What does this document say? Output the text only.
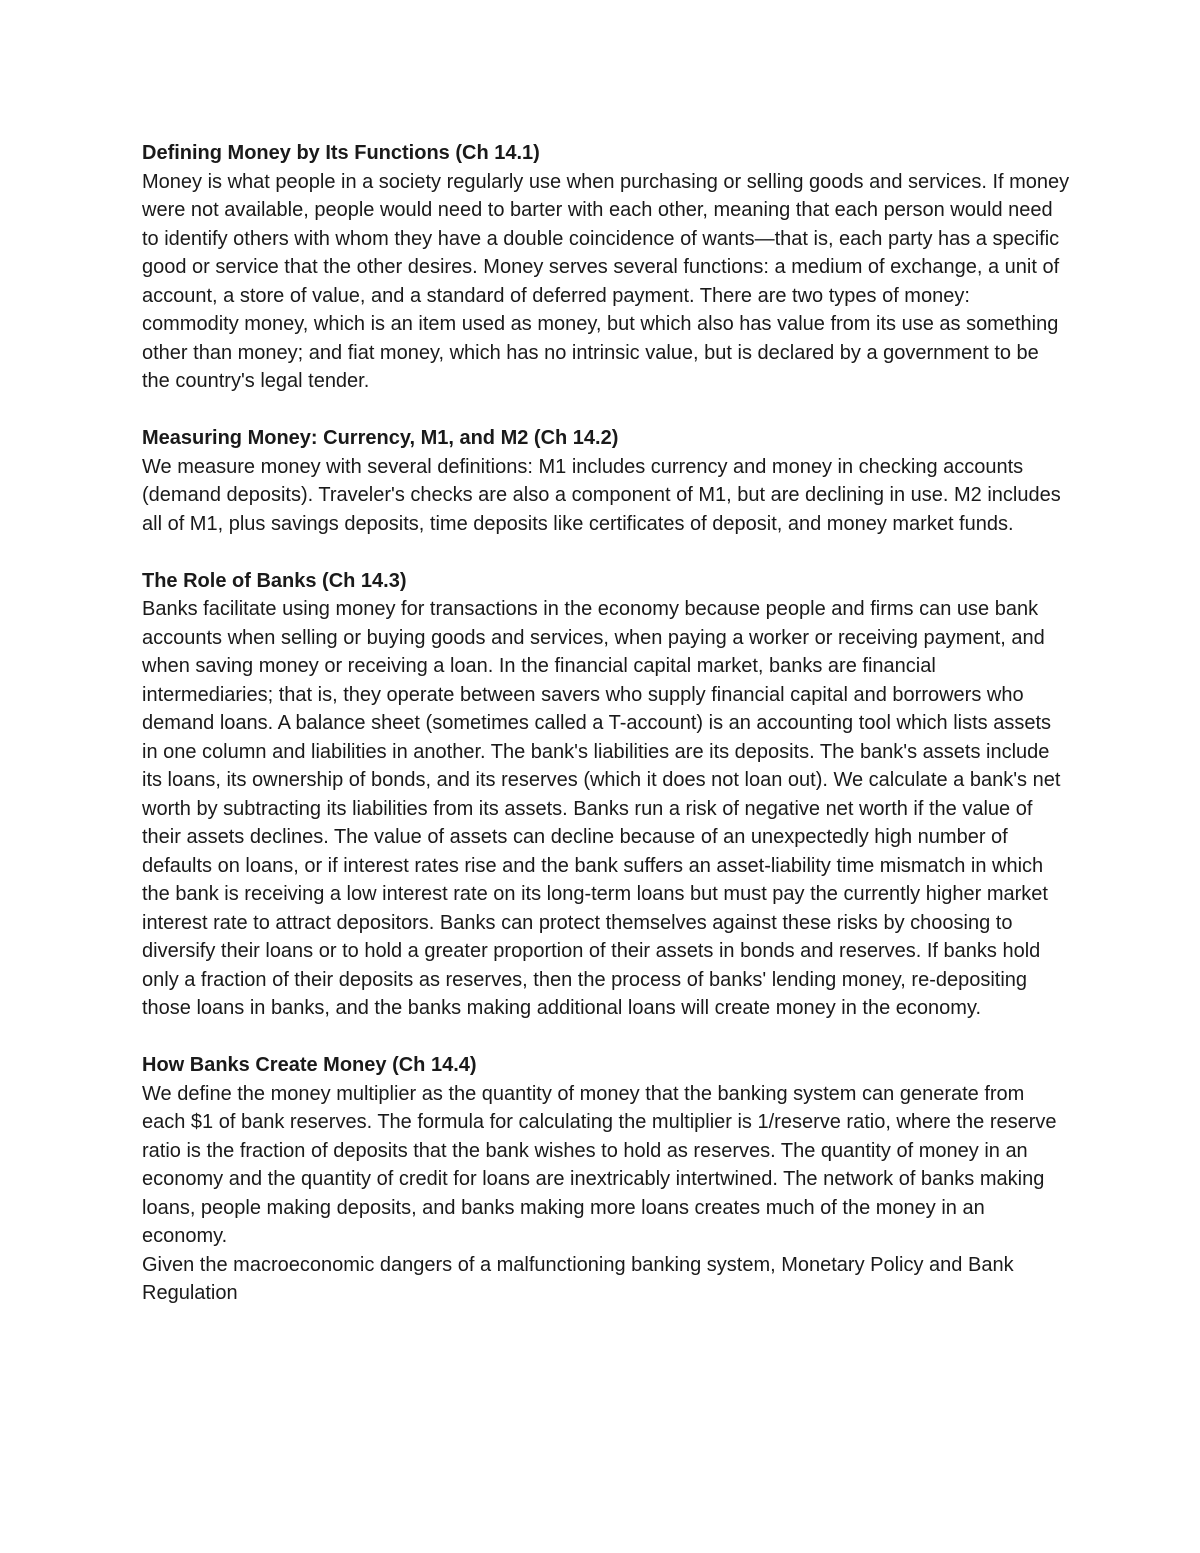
Defining Money by Its Functions (Ch 14.1)

Money is what people in a society regularly use when purchasing or selling goods and services. If money were not available, people would need to barter with each other, meaning that each person would need to identify others with whom they have a double coincidence of wants—that is, each party has a specific good or service that the other desires. Money serves several functions: a medium of exchange, a unit of account, a store of value, and a standard of deferred payment. There are two types of money: commodity money, which is an item used as money, but which also has value from its use as something other than money; and fiat money, which has no intrinsic value, but is declared by a government to be the country's legal tender.

Measuring Money: Currency, M1, and M2 (Ch 14.2)

We measure money with several definitions: M1 includes currency and money in checking accounts (demand deposits). Traveler's checks are also a component of M1, but are declining in use. M2 includes all of M1, plus savings deposits, time deposits like certificates of deposit, and money market funds.

The Role of Banks (Ch 14.3)

Banks facilitate using money for transactions in the economy because people and firms can use bank accounts when selling or buying goods and services, when paying a worker or receiving payment, and when saving money or receiving a loan. In the financial capital market, banks are financial intermediaries; that is, they operate between savers who supply financial capital and borrowers who demand loans. A balance sheet (sometimes called a T-account) is an accounting tool which lists assets in one column and liabilities in another. The bank's liabilities are its deposits. The bank's assets include its loans, its ownership of bonds, and its reserves (which it does not loan out). We calculate a bank's net worth by subtracting its liabilities from its assets. Banks run a risk of negative net worth if the value of their assets declines. The value of assets can decline because of an unexpectedly high number of defaults on loans, or if interest rates rise and the bank suffers an asset-liability time mismatch in which the bank is receiving a low interest rate on its long-term loans but must pay the currently higher market interest rate to attract depositors. Banks can protect themselves against these risks by choosing to diversify their loans or to hold a greater proportion of their assets in bonds and reserves. If banks hold only a fraction of their deposits as reserves, then the process of banks' lending money, re-depositing those loans in banks, and the banks making additional loans will create money in the economy.

How Banks Create Money (Ch 14.4)

We define the money multiplier as the quantity of money that the banking system can generate from each $1 of bank reserves. The formula for calculating the multiplier is 1/reserve ratio, where the reserve ratio is the fraction of deposits that the bank wishes to hold as reserves. The quantity of money in an economy and the quantity of credit for loans are inextricably intertwined. The network of banks making loans, people making deposits, and banks making more loans creates much of the money in an economy.

Given the macroeconomic dangers of a malfunctioning banking system, Monetary Policy and Bank Regulation
